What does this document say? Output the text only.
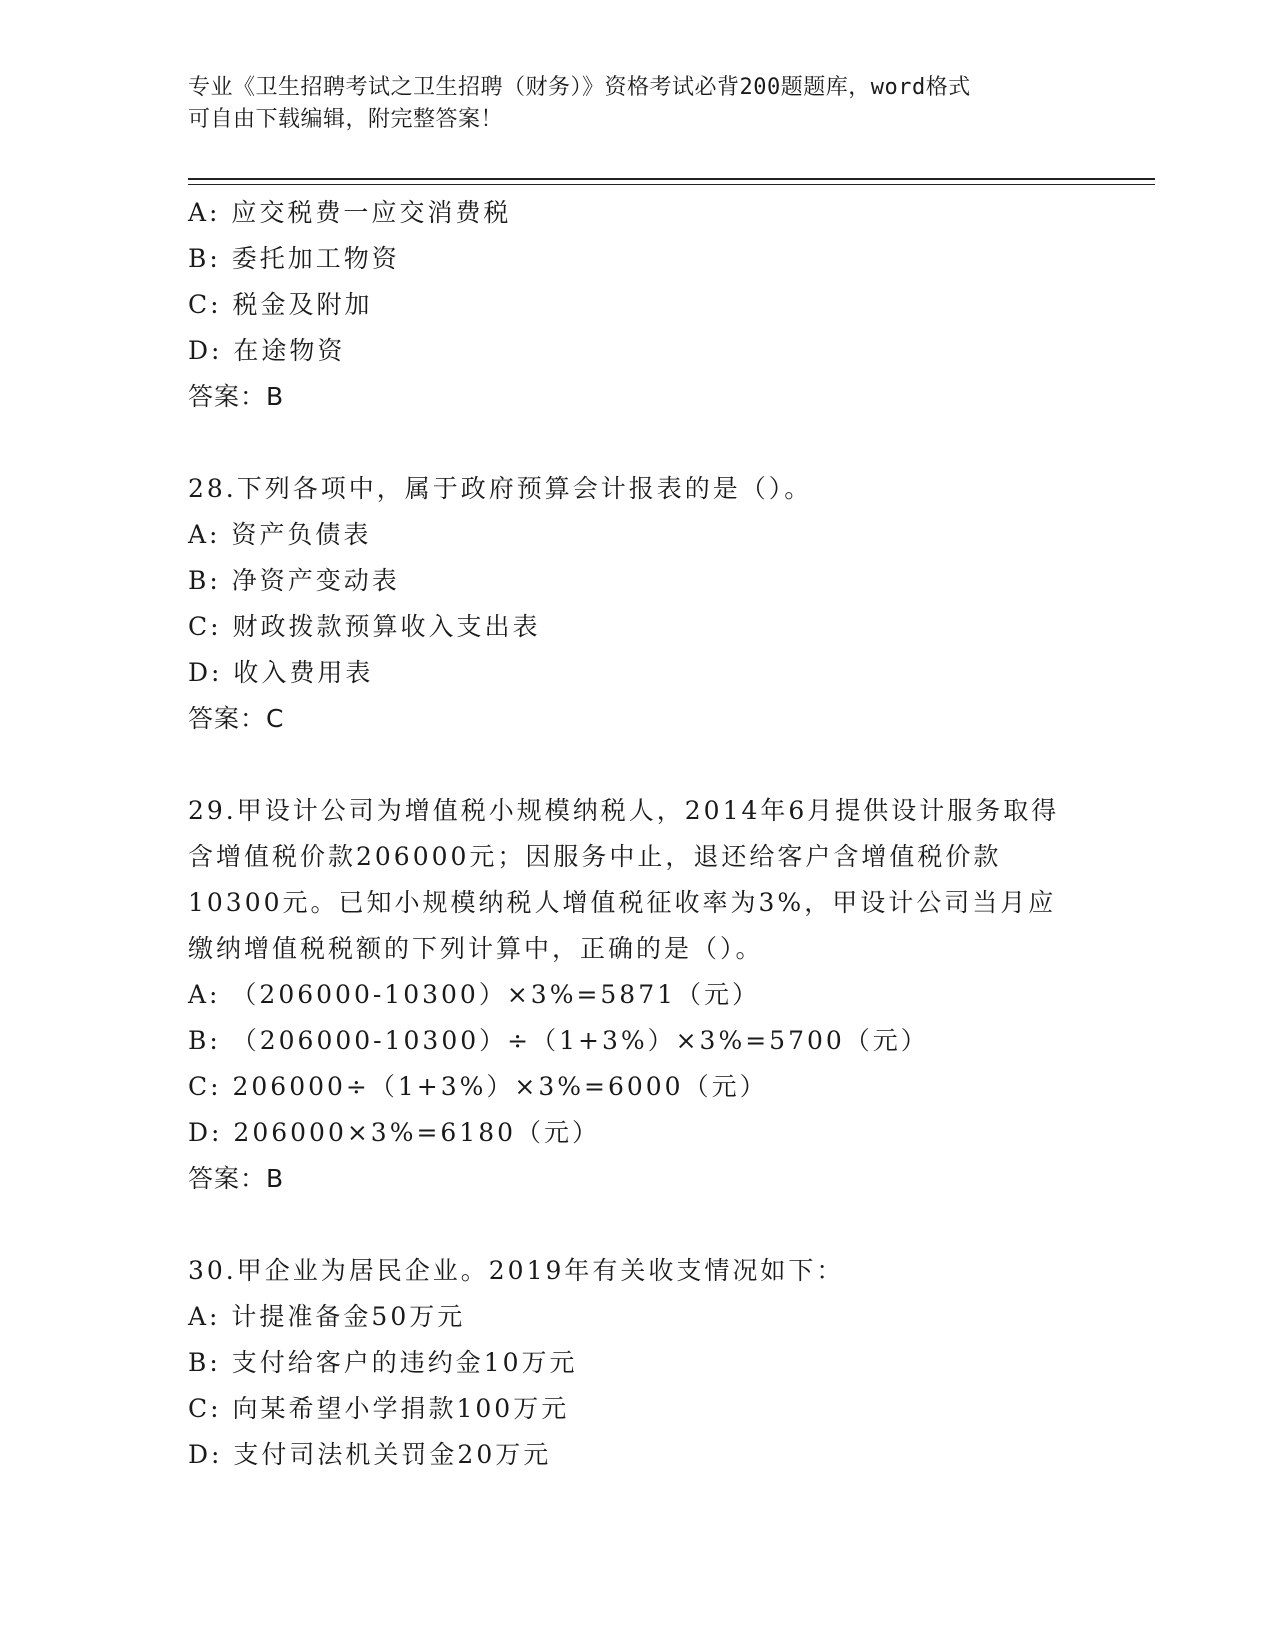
专业《卫生招聘考试之卫生招聘（财务）》资格考试必背200题题库，word格式
可自由下载编辑，附完整答案！
A: 应交税费一应交消费税
B: 委托加工物资
C: 税金及附加
D: 在途物资
答案：B
28.下列各项中，属于政府预算会计报表的是（）。
A: 资产负债表
B: 净资产变动表
C: 财政拨款预算收入支出表
D: 收入费用表
答案：C
29.甲设计公司为增值税小规模纳税人，2014年6月提供设计服务取得
含增值税价款206000元；因服务中止，退还给客户含增值税价款
10300元。已知小规模纳税人增值税征收率为3%，甲设计公司当月应
缴纳增值税税额的下列计算中，正确的是（）。
A: （206000-10300）×3%=5871（元）
B: （206000-10300）÷（1+3%）×3%=5700（元）
C: 206000÷（1+3%）×3%=6000（元）
D: 206000×3%=6180（元）
答案：B
30.甲企业为居民企业。2019年有关收支情况如下：
A: 计提准备金50万元
B: 支付给客户的违约金10万元
C: 向某希望小学捐款100万元
D: 支付司法机关罚金20万元
